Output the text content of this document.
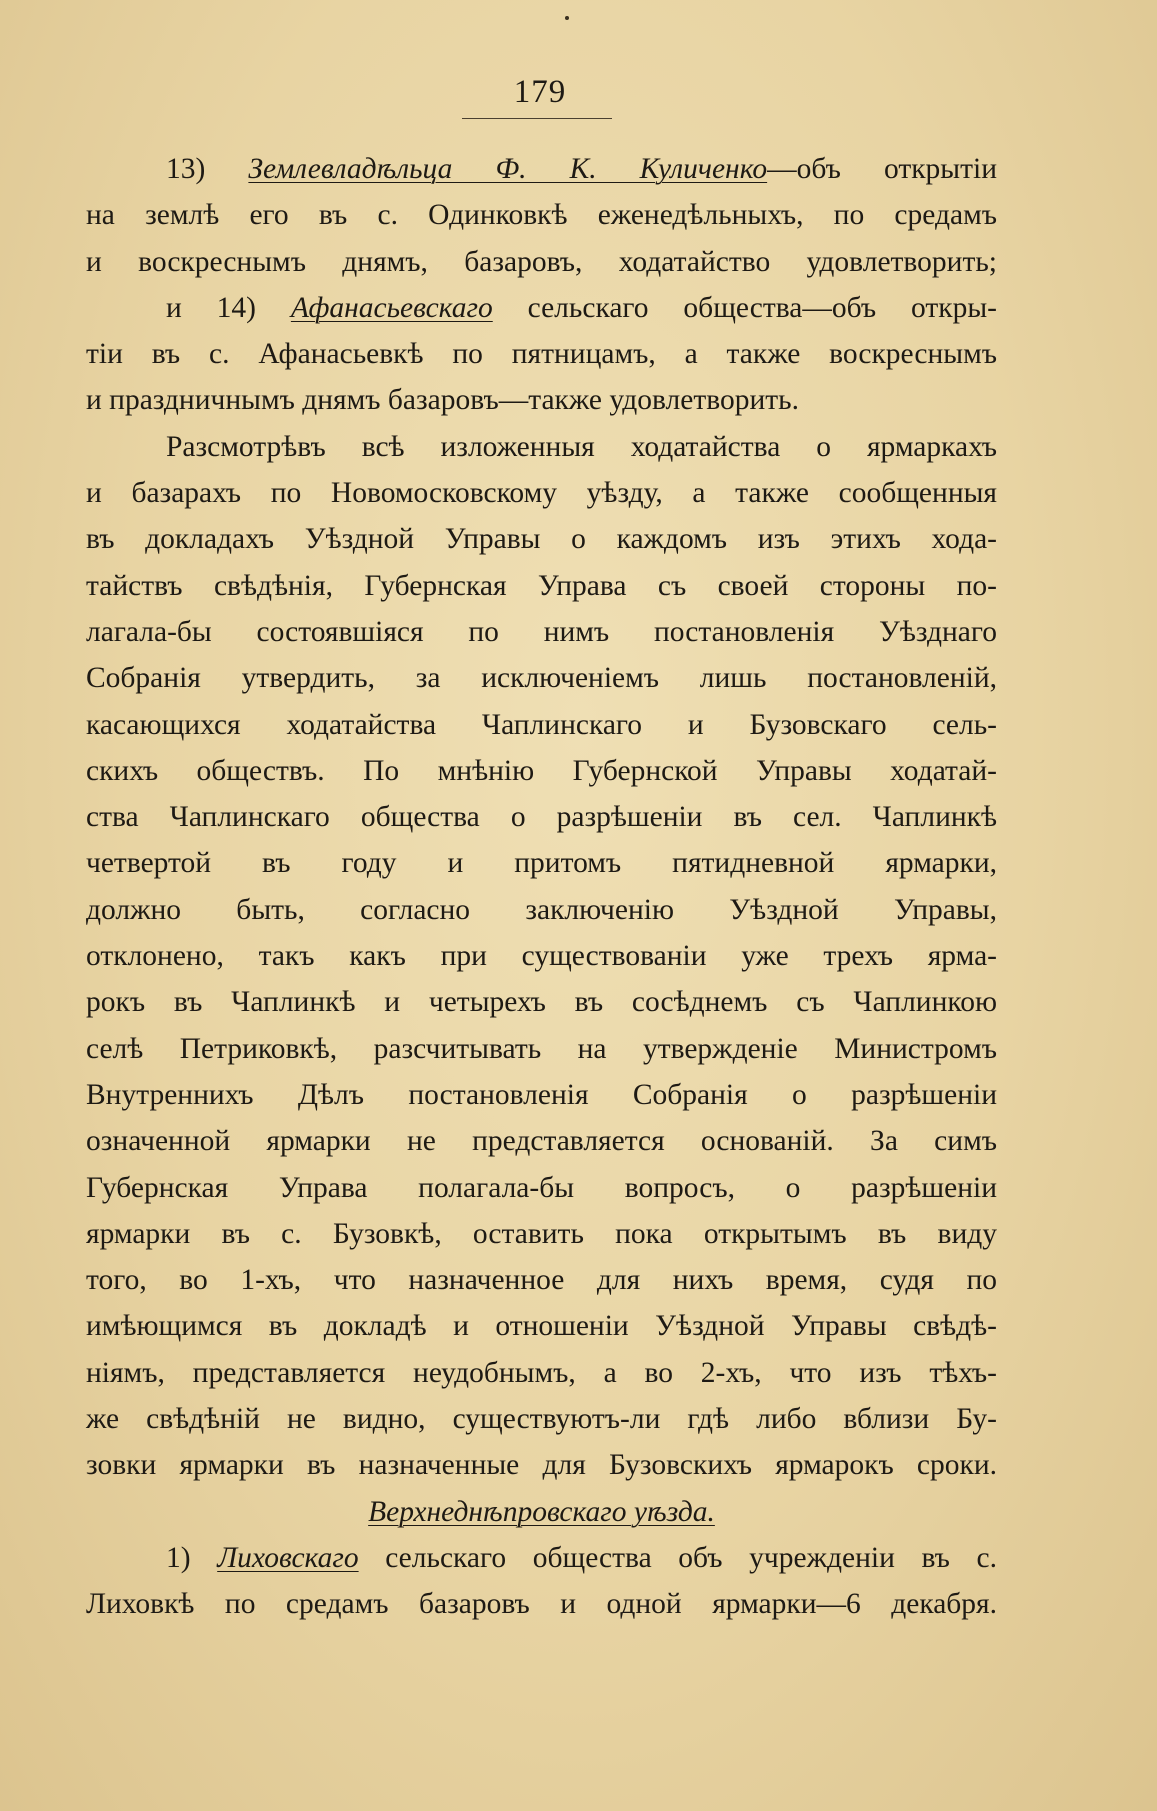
179
13) Землевладѣльца Ф. К. Куличенко—объ открытіи
на землѣ его въ с. Одинковкѣ еженедѣльныхъ, по средамъ
и воскреснымъ днямъ, базаровъ, ходатайство удовлетворить;
и 14) Афанасьевскаго сельскаго общества—объ откры-
тіи въ с. Афанасьевкѣ по пятницамъ, а также воскреснымъ
и праздничнымъ днямъ базаровъ—также удовлетворить.
Разсмотрѣвъ всѣ изложенныя ходатайства о ярмаркахъ
и базарахъ по Новомосковскому уѣзду, а также сообщенныя
въ докладахъ Уѣздной Управы о каждомъ изъ этихъ хода-
тайствъ свѣдѣнія, Губернская Управа съ своей стороны по-
лагала-бы состоявшіяся по нимъ постановленія Уѣзднаго
Собранія утвердить, за исключеніемъ лишь постановленій,
касающихся ходатайства Чаплинскаго и Бузовскаго сель-
скихъ обществъ. По мнѣнію Губернской Управы ходатай-
ства Чаплинскаго общества о разрѣшеніи въ сел. Чаплинкѣ
четвертой въ году и притомъ пятидневной ярмарки,
должно быть, согласно заключенію Уѣздной Управы,
отклонено, такъ какъ при существованіи уже трехъ ярма-
рокъ въ Чаплинкѣ и четырехъ въ сосѣднемъ съ Чаплинкою
селѣ Петриковкѣ, разсчитывать на утвержденіе Министромъ
Внутреннихъ Дѣлъ постановленія Собранія о разрѣшеніи
означенной ярмарки не представляется основаній. За симъ
Губернская Управа полагала-бы вопросъ, о разрѣшеніи
ярмарки въ с. Бузовкѣ, оставить пока открытымъ въ виду
того, во 1-хъ, что назначенное для нихъ время, судя по
имѣющимся въ докладѣ и отношеніи Уѣздной Управы свѣдѣ-
ніямъ, представляется неудобнымъ, а во 2-хъ, что изъ тѣхъ-
же свѣдѣній не видно, существуютъ-ли гдѣ либо вблизи Бу-
зовки ярмарки въ назначенные для Бузовскихъ ярмарокъ сроки.
Верхнеднѣпровскаго уѣзда.
1) Лиховскаго сельскаго общества объ учрежденіи въ с.
Лиховкѣ по средамъ базаровъ и одной ярмарки—6 декабря.
